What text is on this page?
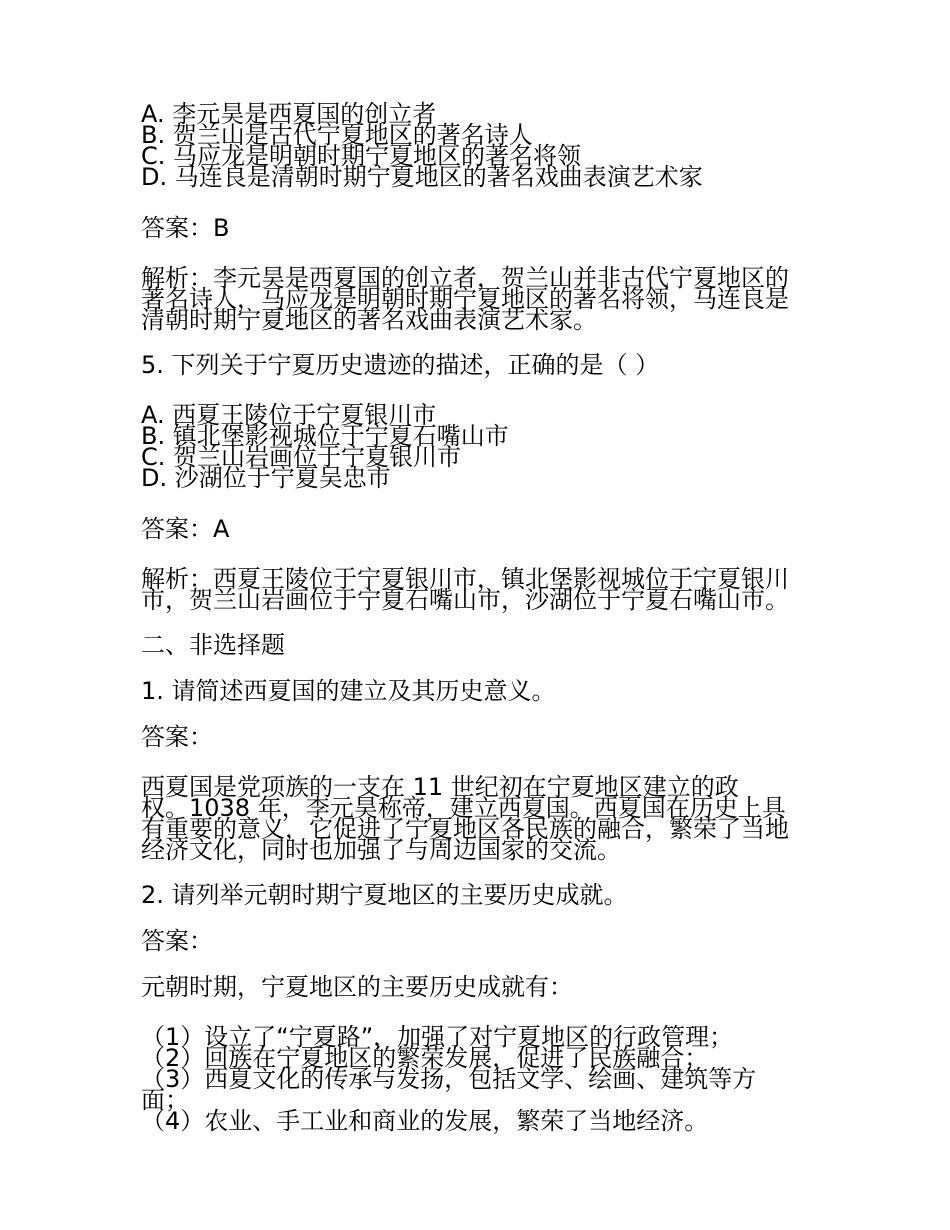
A. 李元昊是西夏国的创立者
B. 贺兰山是古代宁夏地区的著名诗人
C. 马应龙是明朝时期宁夏地区的著名将领
D. 马连良是清朝时期宁夏地区的著名戏曲表演艺术家

答案：B

解析：李元昊是西夏国的创立者，贺兰山并非古代宁夏地区的
著名诗人，马应龙是明朝时期宁夏地区的著名将领，马连良是
清朝时期宁夏地区的著名戏曲表演艺术家。

5. 下列关于宁夏历史遗迹的描述，正确的是（ ）

A. 西夏王陵位于宁夏银川市
B. 镇北堡影视城位于宁夏石嘴山市
C. 贺兰山岩画位于宁夏银川市
D. 沙湖位于宁夏吴忠市

答案：A

解析：西夏王陵位于宁夏银川市，镇北堡影视城位于宁夏银川
市，贺兰山岩画位于宁夏石嘴山市，沙湖位于宁夏石嘴山市。

二、非选择题

1. 请简述西夏国的建立及其历史意义。

答案：

西夏国是党项族的一支在 11 世纪初在宁夏地区建立的政
权。1038 年，李元昊称帝，建立西夏国。西夏国在历史上具
有重要的意义，它促进了宁夏地区各民族的融合，繁荣了当地
经济文化，同时也加强了与周边国家的交流。

2. 请列举元朝时期宁夏地区的主要历史成就。

答案：

元朝时期，宁夏地区的主要历史成就有：

（1）设立了“宁夏路”，加强了对宁夏地区的行政管理；
（2）回族在宁夏地区的繁荣发展，促进了民族融合；
（3）西夏文化的传承与发扬，包括文学、绘画、建筑等方
面；
（4）农业、手工业和商业的发展，繁荣了当地经济。
